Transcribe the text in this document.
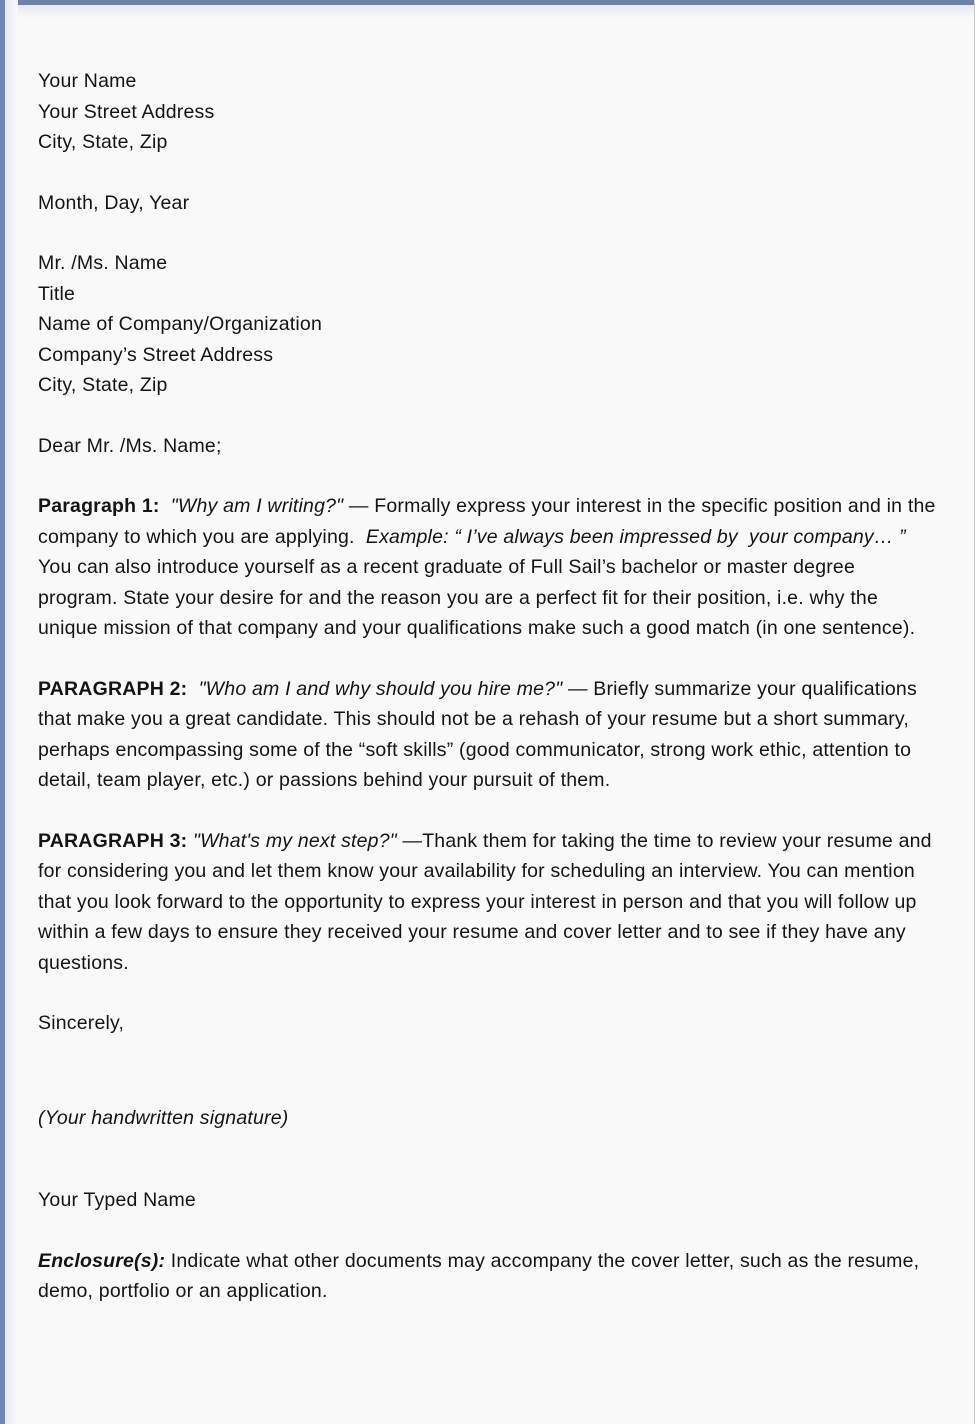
Your Name
Your Street Address
City, State, Zip
Month, Day, Year
Mr. /Ms. Name
Title
Name of Company/Organization
Company’s Street Address
City, State, Zip
Dear Mr. /Ms. Name;

Paragraph 1: "Why am I writing?" — Formally express your interest in the specific position and in the company to which you are applying.  Example: “ I’ve always been impressed by  your company… ”  You can also introduce yourself as a recent graduate of Full Sail’s bachelor or master degree program. State your desire for and the reason you are a perfect fit for their position, i.e. why the unique mission of that company and your qualifications make such a good match (in one sentence).

PARAGRAPH 2: "Who am I and why should you hire me?" — Briefly summarize your qualifications that make you a great candidate. This should not be a rehash of your resume but a short summary, perhaps encompassing some of the “soft skills” (good communicator, strong work ethic, attention to detail, team player, etc.) or passions behind your pursuit of them.

PARAGRAPH 3: "What's my next step?" —Thank them for taking the time to review your resume and for considering you and let them know your availability for scheduling an interview. You can mention that you look forward to the opportunity to express your interest in person and that you will follow up within a few days to ensure they received your resume and cover letter and to see if they have any questions.

Sincerely,
(Your handwritten signature)
Your Typed Name

Enclosure(s): Indicate what other documents may accompany the cover letter, such as the resume, demo, portfolio or an application.
